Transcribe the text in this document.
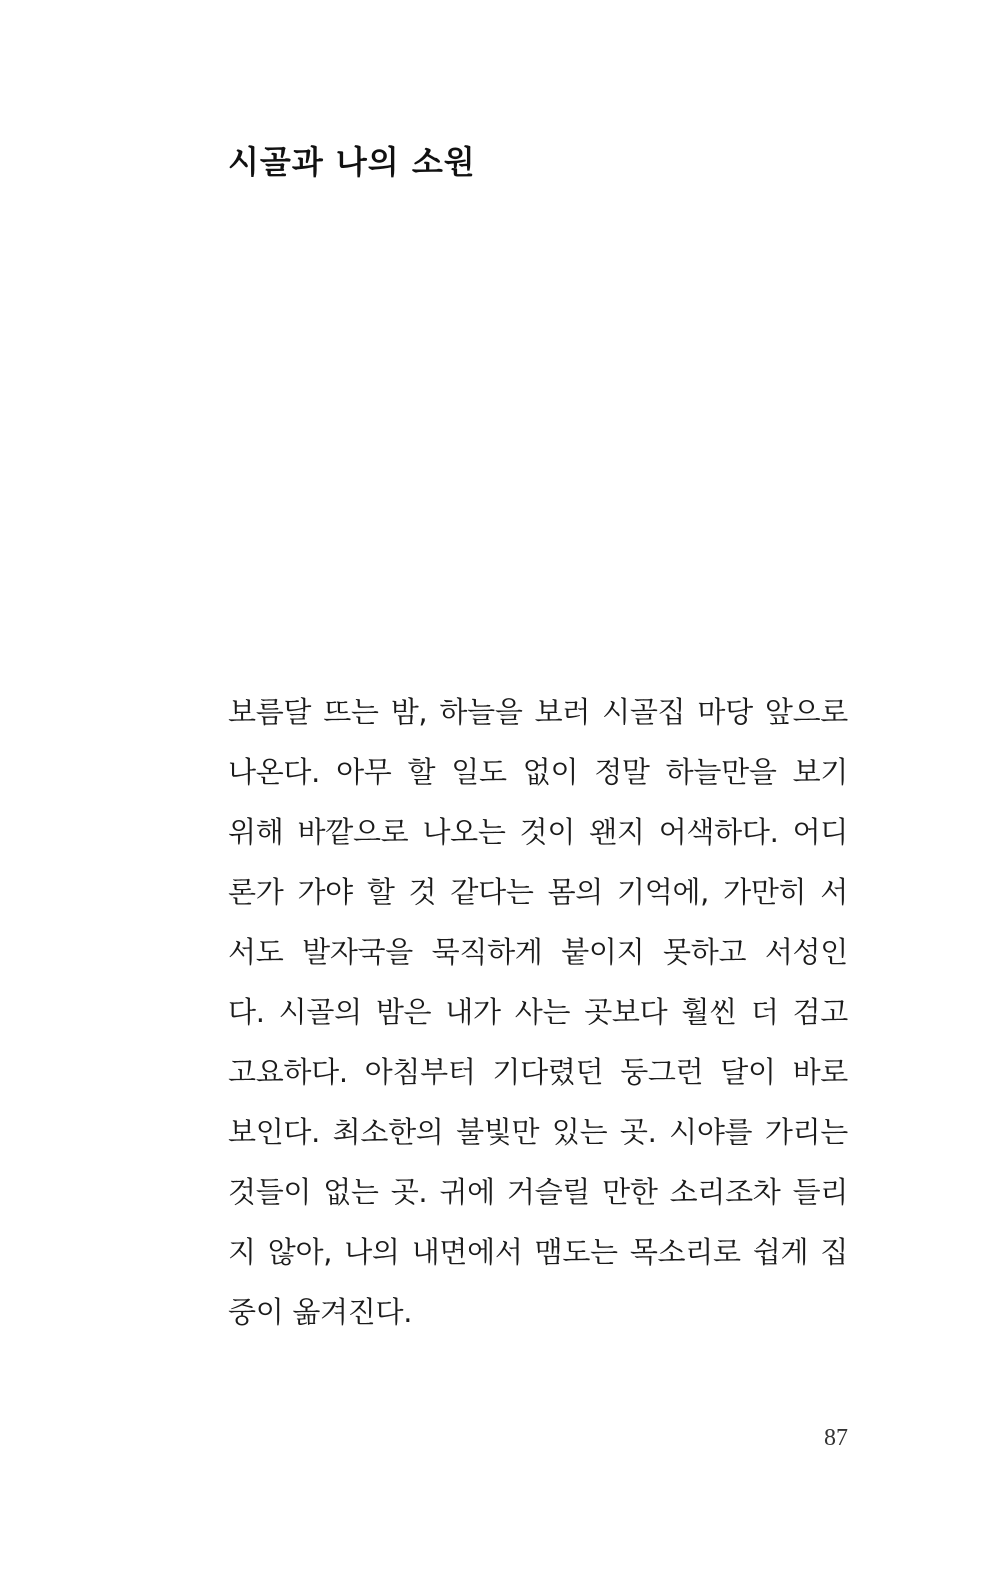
시골과 나의 소원
보름달 뜨는 밤, 하늘을 보러 시골집 마당 앞으로
나온다. 아무 할 일도 없이 정말 하늘만을 보기
위해 바깥으로 나오는 것이 왠지 어색하다. 어디
론가 가야 할 것 같다는 몸의 기억에, 가만히 서
서도 발자국을 묵직하게 붙이지 못하고 서성인
다. 시골의 밤은 내가 사는 곳보다 훨씬 더 검고
고요하다. 아침부터 기다렸던 둥그런 달이 바로
보인다. 최소한의 불빛만 있는 곳. 시야를 가리는
것들이 없는 곳. 귀에 거슬릴 만한 소리조차 들리
지 않아, 나의 내면에서 맴도는 목소리로 쉽게 집
중이 옮겨진다.
87
